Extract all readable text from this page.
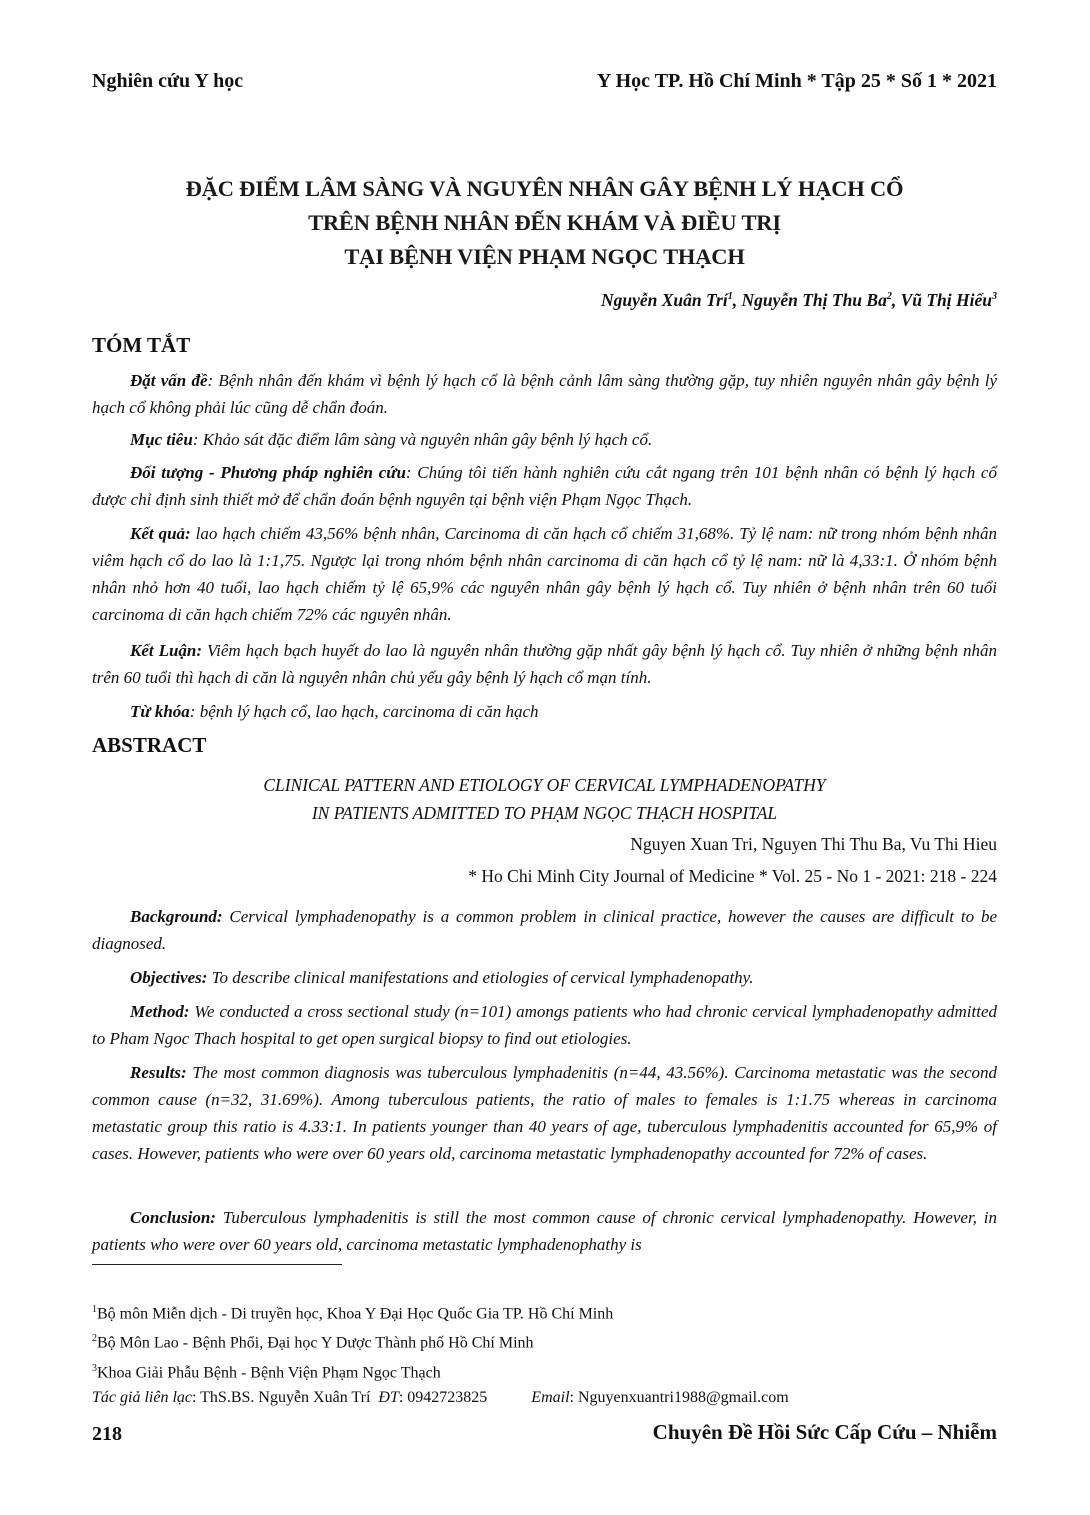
Nghiên cứu Y học	Y Học TP. Hồ Chí Minh * Tập 25 * Số 1 * 2021
ĐẶC ĐIỂM LÂM SÀNG VÀ NGUYÊN NHÂN GÂY BỆNH LÝ HẠCH CỔ
TRÊN BỆNH NHÂN ĐẾN KHÁM VÀ ĐIỀU TRỊ
TẠI BỆNH VIỆN PHẠM NGỌC THẠCH
Nguyễn Xuân Trí$^1$, Nguyễn Thị Thu Ba$^2$, Vũ Thị Hiếu$^3$
TÓM TẮT
Đặt vấn đề: Bệnh nhân đến khám vì bệnh lý hạch cổ là bệnh cảnh lâm sàng thường gặp, tuy nhiên nguyên nhân gây bệnh lý hạch cổ không phải lúc cũng dễ chẩn đoán.
Mục tiêu: Khảo sát đặc điểm lâm sàng và nguyên nhân gây bệnh lý hạch cổ.
Đối tượng - Phương pháp nghiên cứu: Chúng tôi tiến hành nghiên cứu cắt ngang trên 101 bệnh nhân có bệnh lý hạch cổ được chỉ định sinh thiết mở để chẩn đoán bệnh nguyên tại bệnh viện Phạm Ngọc Thạch.
Kết quả: lao hạch chiếm 43,56% bệnh nhân, Carcinoma di căn hạch cổ chiếm 31,68%. Tỷ lệ nam: nữ trong nhóm bệnh nhân viêm hạch cổ do lao là 1:1,75. Ngược lại trong nhóm bệnh nhân carcinoma di căn hạch cổ tỷ lệ nam: nữ là 4,33:1. Ở nhóm bệnh nhân nhỏ hơn 40 tuổi, lao hạch chiếm tỷ lệ 65,9% các nguyên nhân gây bệnh lý hạch cổ. Tuy nhiên ở bệnh nhân trên 60 tuổi carcinoma di căn hạch chiếm 72% các nguyên nhân.
Kết Luận: Viêm hạch bạch huyết do lao là nguyên nhân thường gặp nhất gây bệnh lý hạch cổ. Tuy nhiên ở những bệnh nhân trên 60 tuổi thì hạch di căn là nguyên nhân chủ yếu gây bệnh lý hạch cổ mạn tính.
Từ khóa: bệnh lý hạch cổ, lao hạch, carcinoma di căn hạch
ABSTRACT
CLINICAL PATTERN AND ETIOLOGY OF CERVICAL LYMPHADENOPATHY
IN PATIENTS ADMITTED TO PHẠM NGỌC THẠCH HOSPITAL
Nguyen Xuan Tri, Nguyen Thi Thu Ba, Vu Thi Hieu
* Ho Chi Minh City Journal of Medicine * Vol. 25 - No 1 - 2021: 218 - 224
Background: Cervical lymphadenopathy is a common problem in clinical practice, however the causes are difficult to be diagnosed.
Objectives: To describe clinical manifestations and etiologies of cervical lymphadenopathy.
Method: We conducted a cross sectional study (n=101) amongs patients who had chronic cervical lymphadenopathy admitted to Pham Ngoc Thach hospital to get open surgical biopsy to find out etiologies.
Results: The most common diagnosis was tuberculous lymphadenitis (n=44, 43.56%). Carcinoma metastatic was the second common cause (n=32, 31.69%). Among tuberculous patients, the ratio of males to females is 1:1.75 whereas in carcinoma metastatic group this ratio is 4.33:1. In patients younger than 40 years of age, tuberculous lymphadenitis accounted for 65,9% of cases. However, patients who were over 60 years old, carcinoma metastatic lymphadenopathy accounted for 72% of cases.
Conclusion: Tuberculous lymphadenitis is still the most common cause of chronic cervical lymphadenopathy. However, in patients who were over 60 years old, carcinoma metastatic lymphadenophathy is
$^1$Bộ môn Miễn dịch - Di truyền học, Khoa Y Đại Học Quốc Gia TP. Hồ Chí Minh
$^2$Bộ Môn Lao - Bệnh Phổi, Đại học Y Dược Thành phố Hồ Chí Minh
$^3$Khoa Giải Phẫu Bệnh - Bệnh Viện Phạm Ngọc Thạch
Tác giả liên lạc: ThS.BS. Nguyễn Xuân Trí ĐT: 0942723825	Email: Nguyenxuantri1988@gmail.com
218	Chuyên Đề Hồi Sức Cấp Cứu – Nhiễm
